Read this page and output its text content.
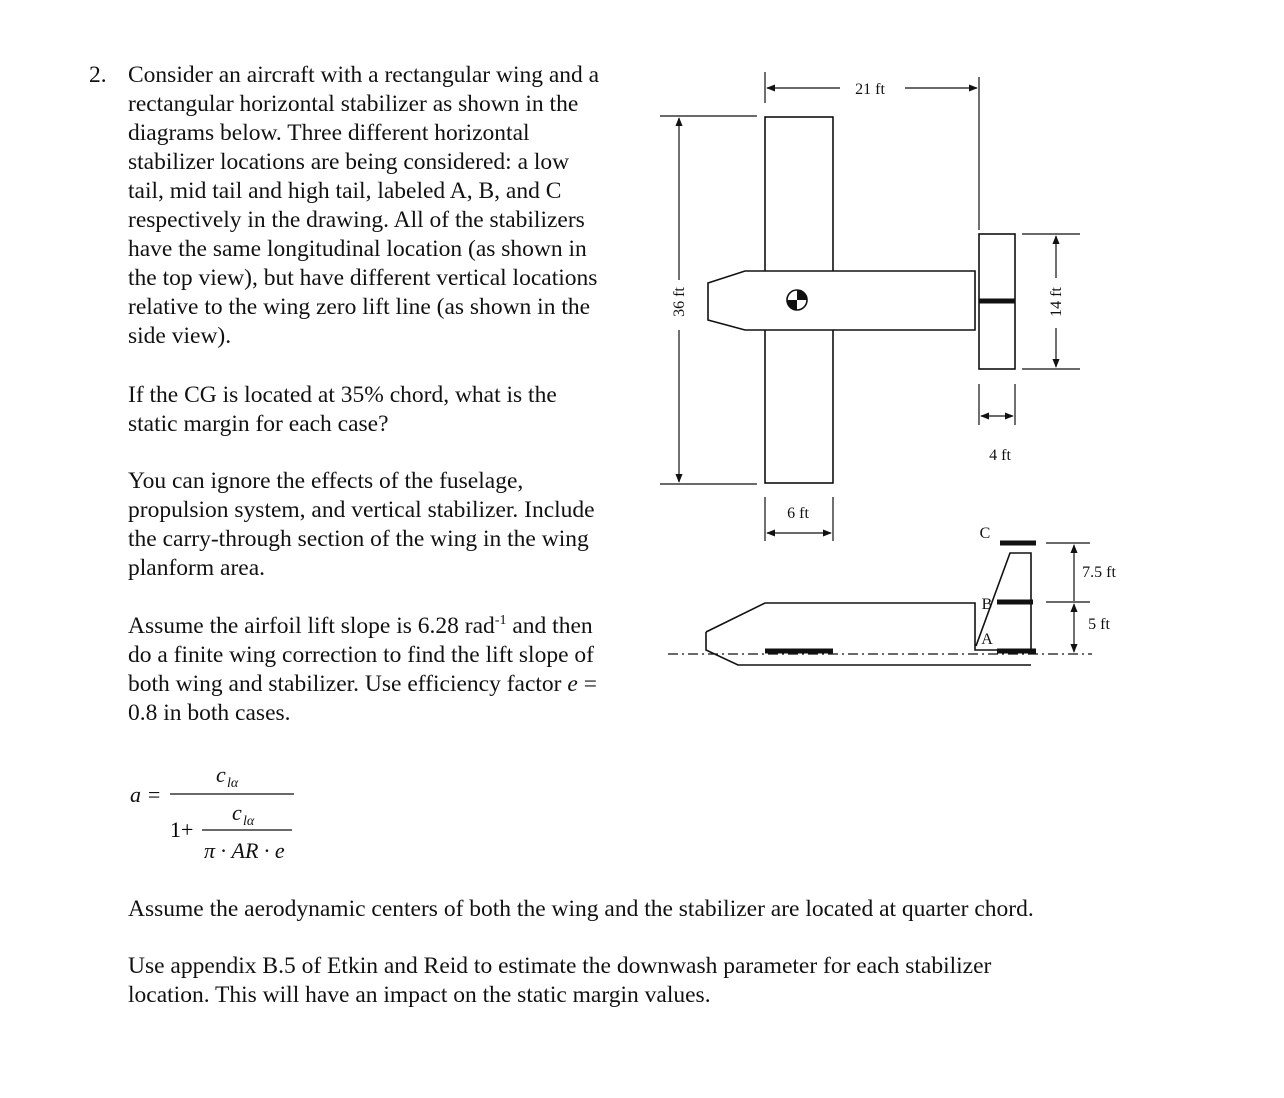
2. Consider an aircraft with a rectangular wing and a
rectangular horizontal stabilizer as shown in the
diagrams below. Three different horizontal
stabilizer locations are being considered: a low
tail, mid tail and high tail, labeled A, B, and C
respectively in the drawing. All of the stabilizers
have the same longitudinal location (as shown in
the top view), but have different vertical locations
relative to the wing zero lift line (as shown in the
side view).
If the CG is located at 35% chord, what is the
static margin for each case?
You can ignore the effects of the fuselage,
propulsion system, and vertical stabilizer. Include
the carry-through section of the wing in the wing
planform area.
Assume the airfoil lift slope is 6.28 rad$^{-1}$ and then
do a finite wing correction to find the lift slope of
both wing and stabilizer. Use efficiency factor e =
0.8 in both cases.
Assume the aerodynamic centers of both the wing and the stabilizer are located at quarter chord.
Use appendix B.5 of Etkin and Reid to estimate the downwash parameter for each stabilizer
location. This will have an impact on the static margin values.
a =
c lα
1+
c lα
π · AR · e
21 ft
36 ft	14 ft
4 ft
6 ft
C
B
A
7.5 ft
5 ft
